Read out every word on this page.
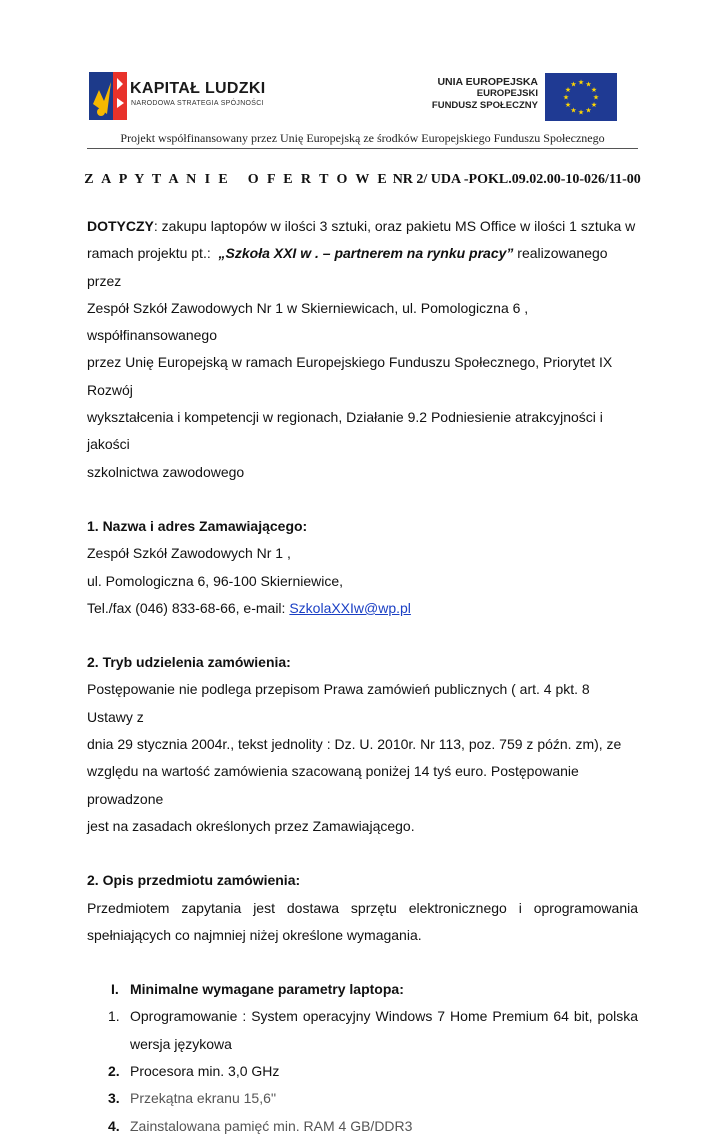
KAPITAŁ LUDZKI
NARODOWA STRATEGIA SPÓJNOŚCI
UNIA EUROPEJSKA
EUROPEJSKI
FUNDUSZ SPOŁECZNY
★ ★
★
★
★
★
★
★
★
★
★
★
Projekt współfinansowany przez Unię Europejską ze środków Europejskiego Funduszu Społecznego
Z A P Y T A N I E   O F E R T O W E NR 2/ UDA -POKL.09.02.00-10-026/11-00

DOTYCZY: zakupu laptopów w ilości 3 sztuki, oraz pakietu MS Office w ilości 1 sztuka w

ramach projektu pt.:  „Szkoła XXI w . – partnerem na rynku pracy” realizowanego przez

Zespół Szkół Zawodowych Nr 1 w Skierniewicach, ul. Pomologiczna 6 , współfinansowanego

przez Unię Europejską w ramach Europejskiego Funduszu Społecznego, Priorytet IX Rozwój

wykształcenia i kompetencji w regionach, Działanie 9.2 Podniesienie atrakcyjności i jakości

szkolnictwa zawodowego

1. Nazwa i adres Zamawiającego:

Zespół Szkół Zawodowych Nr 1 ,

ul. Pomologiczna 6, 96-100 Skierniewice,

Tel./fax (046) 833-68-66, e-mail: SzkolaXXIw@wp.pl

2. Tryb udzielenia zamówienia:

Postępowanie nie podlega przepisom Prawa zamówień publicznych ( art. 4 pkt. 8 Ustawy z

dnia 29 stycznia 2004r., tekst jednolity : Dz. U. 2010r. Nr 113, poz. 759 z późn. zm), ze

względu na wartość zamówienia szacowaną poniżej 14 tyś euro. Postępowanie prowadzone

jest na zasadach określonych przez Zamawiającego.

2. Opis przedmiotu zamówienia:

Przedmiotem zapytania jest dostawa sprzętu elektronicznego i oprogramowania

spełniających co najmniej niżej określone wymagania.

I. Minimalne wymagane parametry laptopa:
1. Oprogramowanie : System operacyjny Windows 7 Home Premium 64 bit, polska

wersja językowa

2. Procesora min. 3,0 GHz

3. Przekątna ekranu 15,6''

4. Zainstalowana pamięć min. RAM 4 GB/DDR3
